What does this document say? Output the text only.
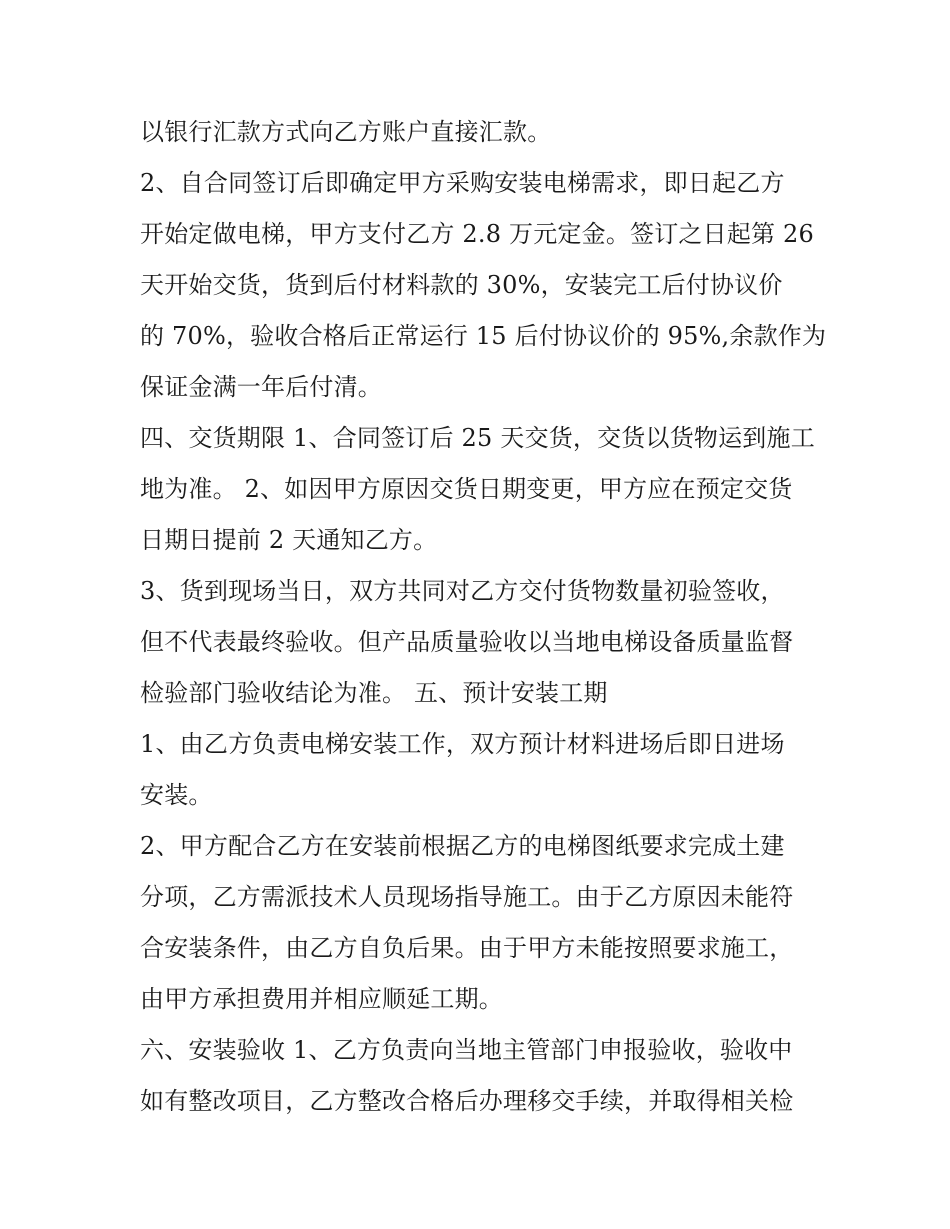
以银行汇款方式向乙方账户直接汇款。
2、自合同签订后即确定甲方采购安装电梯需求，即日起乙方
开始定做电梯，甲方支付乙方 2.8 万元定金。签订之日起第 26
天开始交货，货到后付材料款的 30%，安装完工后付协议价
的 70%，验收合格后正常运行 15 后付协议价的 95%,余款作为
保证金满一年后付清。
四、交货期限 1、合同签订后 25 天交货，交货以货物运到施工
地为准。 2、如因甲方原因交货日期变更，甲方应在预定交货
日期日提前 2 天通知乙方。
3、货到现场当日，双方共同对乙方交付货物数量初验签收，
但不代表最终验收。但产品质量验收以当地电梯设备质量监督
检验部门验收结论为准。 五、预计安装工期
1、由乙方负责电梯安装工作，双方预计材料进场后即日进场
安装。
2、甲方配合乙方在安装前根据乙方的电梯图纸要求完成土建
分项，乙方需派技术人员现场指导施工。由于乙方原因未能符
合安装条件，由乙方自负后果。由于甲方未能按照要求施工，
由甲方承担费用并相应顺延工期。
六、安装验收 1、乙方负责向当地主管部门申报验收，验收中
如有整改项目，乙方整改合格后办理移交手续，并取得相关检
